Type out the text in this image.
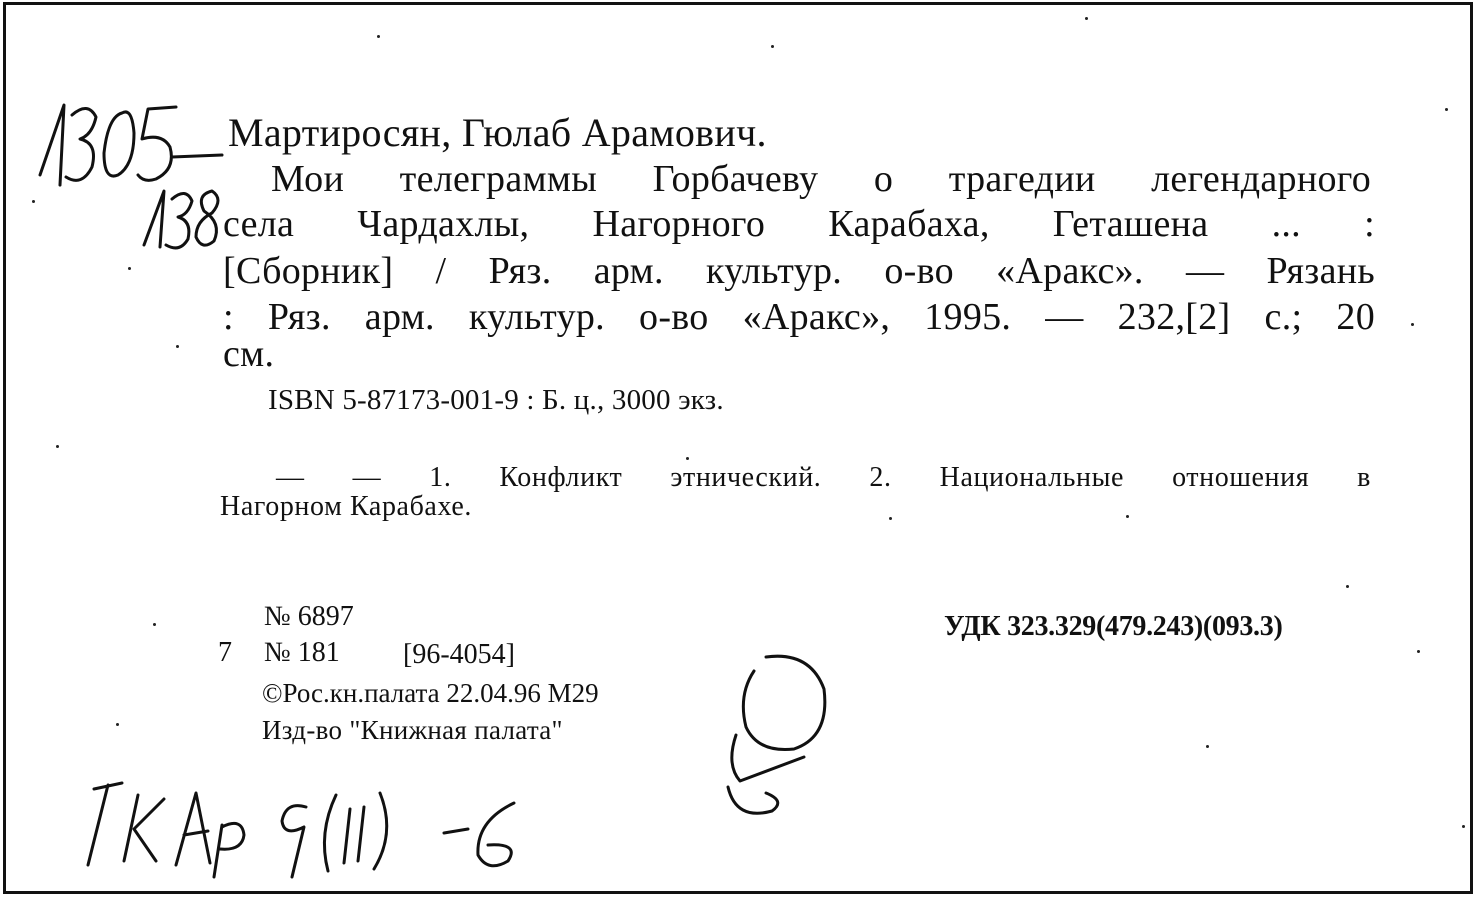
Мартиросян, Гюлаб Арамович.
Мои телеграммы Горбачеву о трагедии легендарного
села Чардахлы, Нагорного Карабаха, Геташена ... :
[Сборник] / Ряз. арм. культур. о-во «Аракс». — Рязань
: Ряз. арм. культур. о-во «Аракс», 1995. — 232,[2] с.; 20
см.
ISBN 5-87173-001-9 : Б. ц., 3000 экз.
— — 1. Конфликт этнический. 2. Национальные отношения в
Нагорном Карабахе.
№ 6897
7 № 181 [96-4054]
©Рос.кн.палата 22.04.96 М29
Изд-во "Книжная палата"
УДК 323.329(479.243)(093.3)
